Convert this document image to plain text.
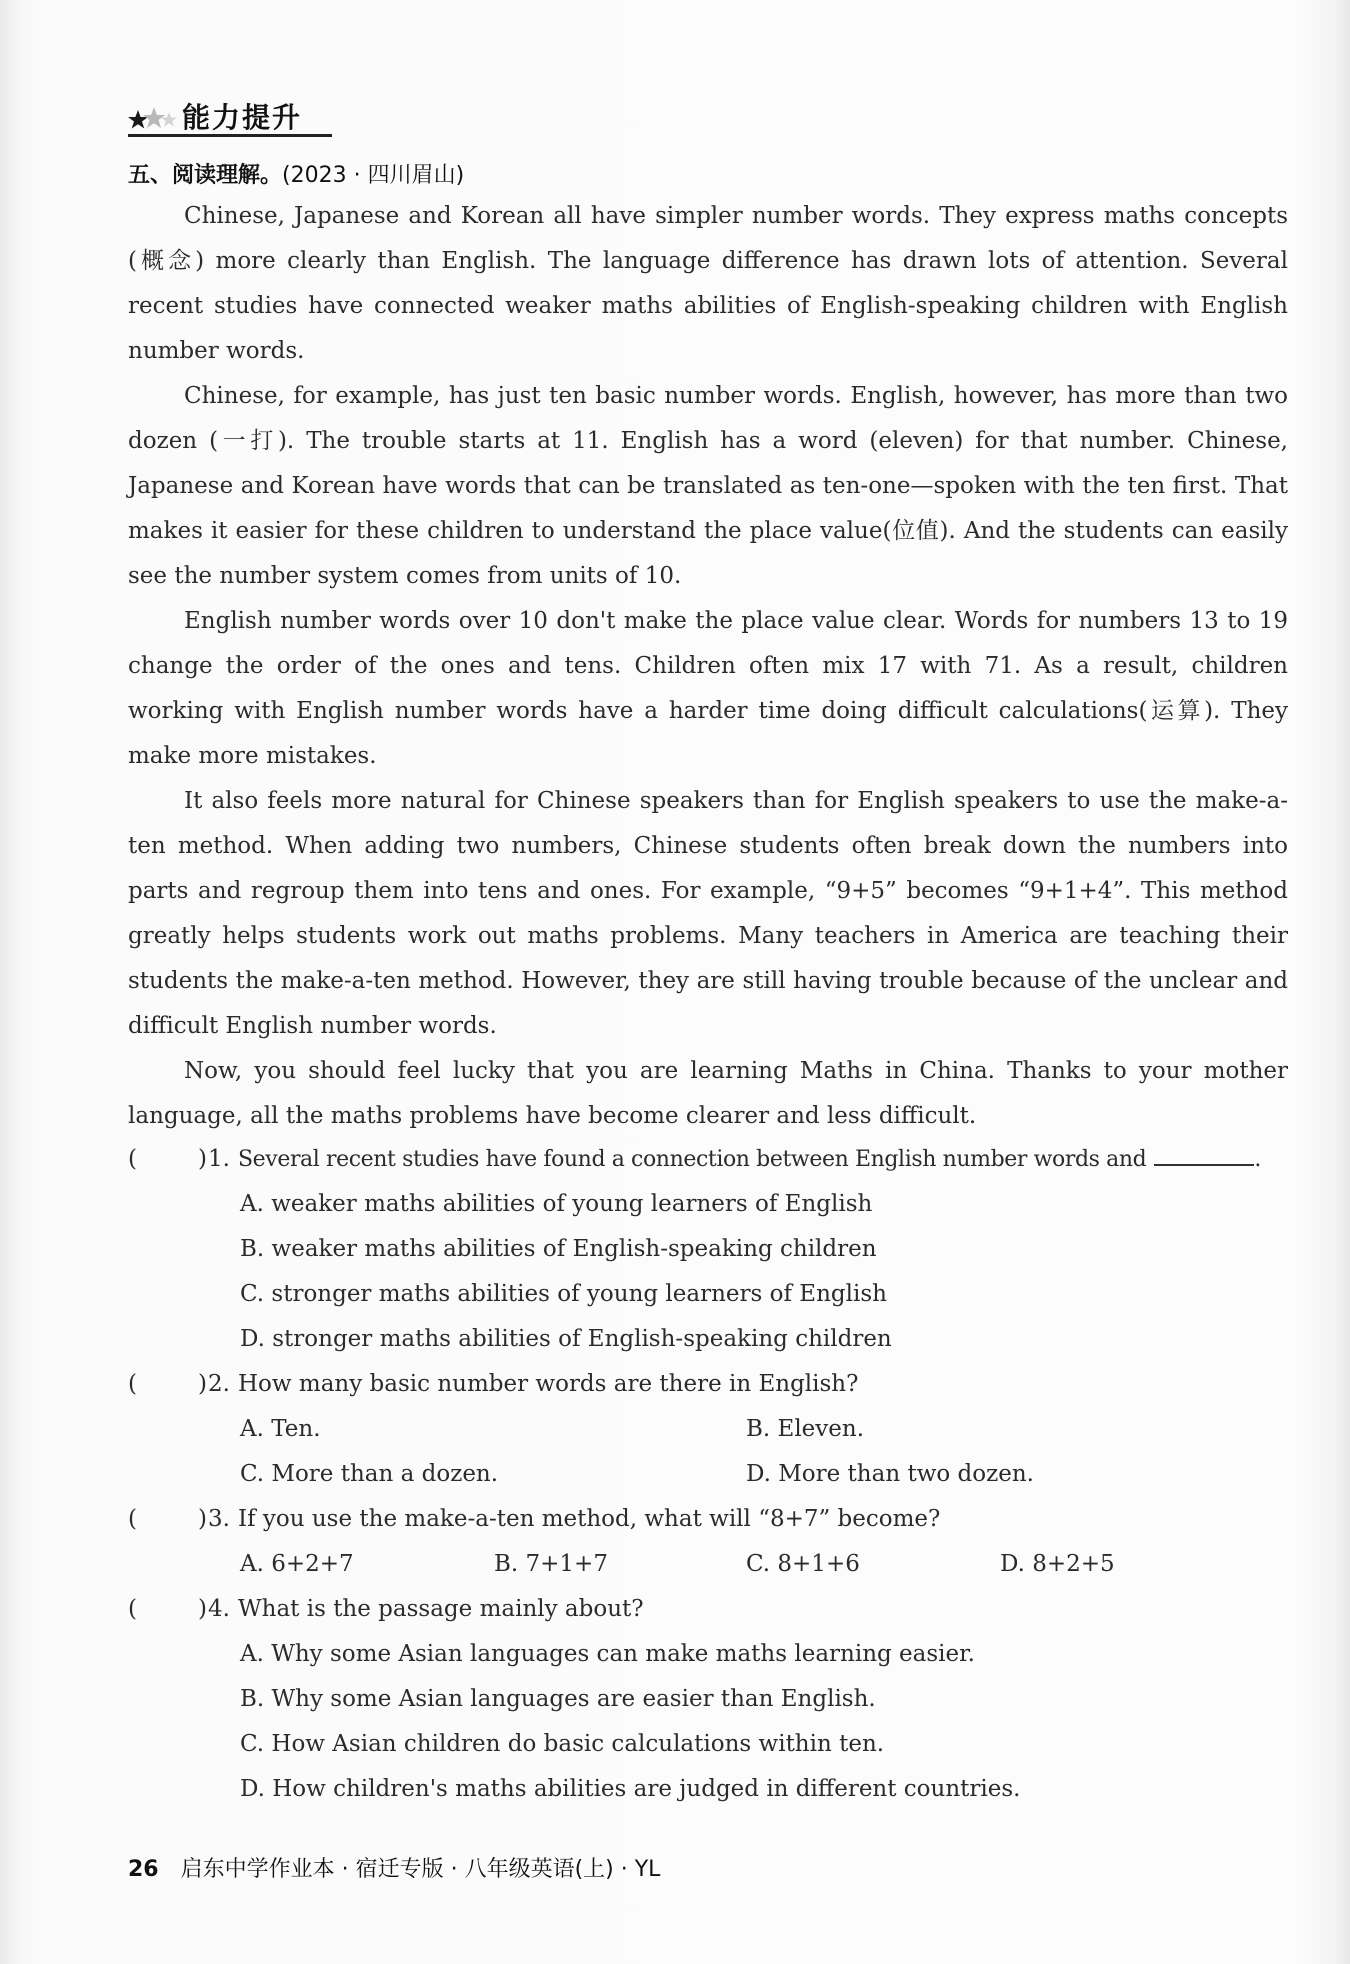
能力提升
五、阅读理解。(2023 · 四川眉山)

Chinese, Japanese and Korean all have simpler number words. They express maths concepts (概念) more clearly than English. The language difference has drawn lots of attention. Several recent studies have connected weaker maths abilities of English-speaking children with English number words.

Chinese, for example, has just ten basic number words. English, however, has more than two dozen (一打). The trouble starts at 11. English has a word (eleven) for that number. Chinese, Japanese and Korean have words that can be translated as ten-one—spoken with the ten first. That makes it easier for these children to understand the place value(位值). And the students can easily see the number system comes from units of 10.

English number words over 10 don't make the place value clear. Words for numbers 13 to 19 change the order of the ones and tens. Children often mix 17 with 71. As a result, children working with English number words have a harder time doing difficult calculations(运算). They make more mistakes.

It also feels more natural for Chinese speakers than for English speakers to use the make-a-ten method. When adding two numbers, Chinese students often break down the numbers into parts and regroup them into tens and ones. For example, “9+5” becomes “9+1+4”. This method greatly helps students work out maths problems. Many teachers in America are teaching their students the make-a-ten method. However, they are still having trouble because of the unclear and difficult English number words.

Now, you should feel lucky that you are learning Maths in China. Thanks to your mother language, all the maths problems have become clearer and less difficult.

(	) 1. Several recent studies have found a connection between English number words and	.
A. weaker maths abilities of young learners of English
B. weaker maths abilities of English-speaking children
C. stronger maths abilities of young learners of English
D. stronger maths abilities of English-speaking children
(	) 2. How many basic number words are there in English?
A. Ten.	B. Eleven.
C. More than a dozen.	D. More than two dozen.
(	) 3. If you use the make-a-ten method, what will “8+7” become?
A. 6+2+7	B. 7+1+7	C. 8+1+6	D. 8+2+5
(	) 4. What is the passage mainly about?
A. Why some Asian languages can make maths learning easier.
B. Why some Asian languages are easier than English.
C. How Asian children do basic calculations within ten.
D. How children's maths abilities are judged in different countries.
26 启东中学作业本 · 宿迁专版 · 八年级英语(上) · YL
